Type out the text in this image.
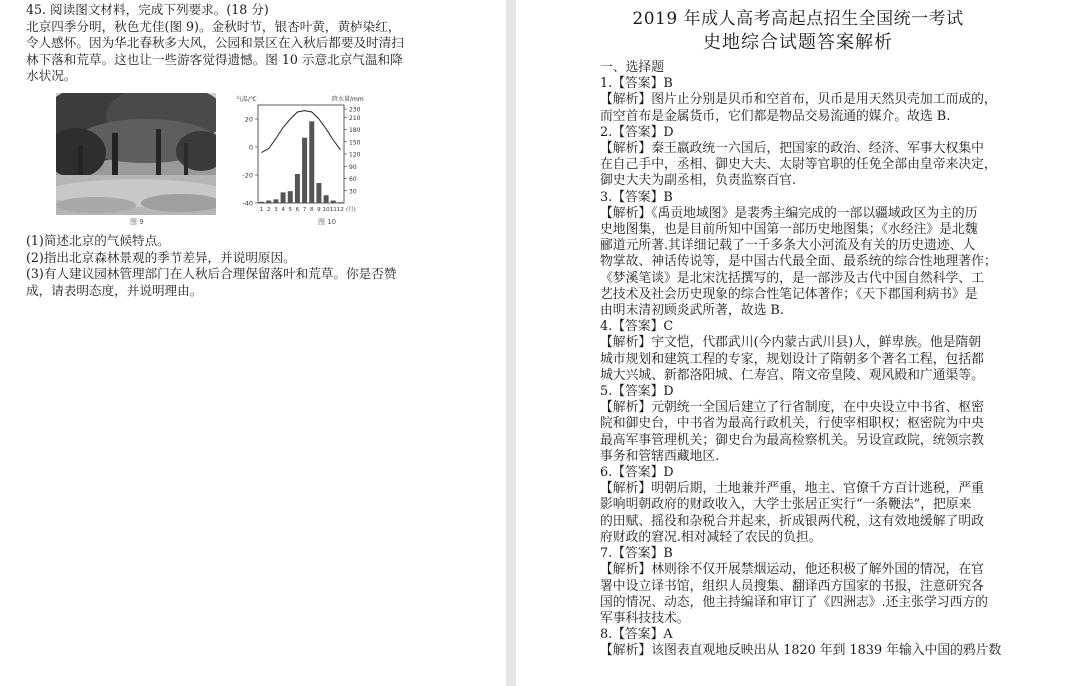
45. 阅读图文材料，完成下列要求。(18 分)
北京四季分明，秋色尤佳(图 9)。金秋时节，银杏叶黄，黄栌染红，
令人感怀。因为华北春秋多大风，公园和景区在入秋后都要及时清扫
林下落和荒草。这也让一些游客觉得遗憾。图 10 示意北京气温和降
水状况。
图 9
20
0
-20
-40
230
210
180
150
120
90
60
30
气温/℃	降水量/mm
1 2 3 4 5 6 7 8 9 10 11 12 (月)
图 10
(1)简述北京的气候特点。
(2)指出北京森林景观的季节差异，并说明原因。
(3)有人建议园林管理部门在人秋后合理保留落叶和荒草。你是否赞
成，请表明态度，并说明理由。
2019 年成人高考高起点招生全国统一考试
史地综合试题答案解析
一、选择题
1.【答案】B
【解析】图片止分别是贝币和空首布，贝币是用天然贝壳加工而成的，
而空首布是金属货币，它们都是物品交易流通的媒介。故选 B.
2.【答案】D
【解析】秦王嬴政统一六国后，把国家的政治、经济、军事大权集中
在自己手中，丞相、御史大夫、太尉等官职的任免全部由皇帝来决定，
御史大夫为副丞相，负责监察百官.
3.【答案】B
【解析】《禹贡地域图》是裴秀主编完成的一部以疆域政区为主的历
史地图集，也是目前所知中国第一部历史地图集；《水经注》是北魏
郦道元所著.其详细记载了一千多条大小河流及有关的历史遗迹、人
物掌故、神话传说等，是中国古代最全面、最系统的综合性地理著作；
《梦溪笔谈》是北宋沈括撰写的，是一部涉及古代中国自然科学、工
艺技术及社会历史现象的综合性笔记体著作；《天下郡国利病书》是
由明末清初顾炎武所著，故选 B.
4.【答案】C
【解析】宇文恺，代郡武川(今内蒙古武川县)人，鲜卑族。他是隋朝
城市规划和建筑工程的专家，规划设计了隋朝多个著名工程，包括都
城大兴城、新都洛阳城、仁寿宫、隋文帝皇陵、观风殿和广通渠等。
5.【答案】D
【解析】元朝统一全国后建立了行省制度，在中央设立中书省、枢密
院和御史台，中书省为最高行政机关，行使宰相职权；枢密院为中央
最高军事管理机关；御史台为最高检察机关。另设宣政院，统领宗教
事务和管辖西藏地区.
6.【答案】D
【解析】明朝后期，土地兼并严重，地主、官僚千方百计逃税，严重
影响明朝政府的财政收入，大学士张居正实行“一条鞭法”，把原来
的田赋、摇役和杂税合并起来，折成银两代税，这有效地缓解了明政
府财政的窘况.相对减轻了农民的负担。
7.【答案】B
【解析】林则徐不仅开展禁烟运动，他还积极了解外国的情况，在官
署中设立译书馆，组织人员搜集、翻译西方国家的书报，注意研究各
国的情况、动态，他主持编译和审订了《四洲志》.还主张学习西方的
军事科技技术。
8.【答案】A
【解析】该图表直观地反映出从 1820 年到 1839 年输入中国的鸦片数
